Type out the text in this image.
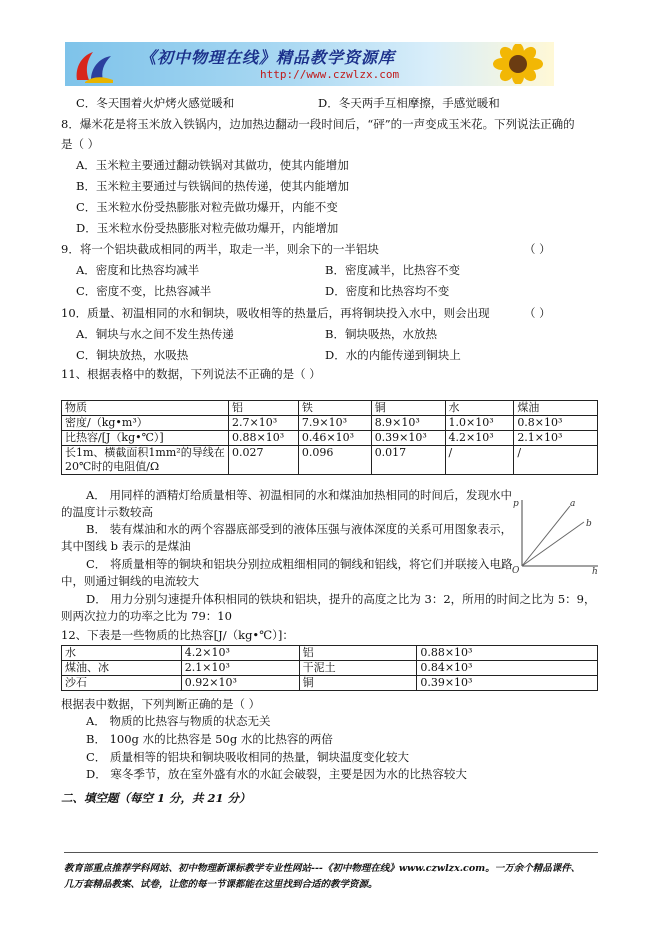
《初中物理在线》精品教学资源库
http://www.czwlzx.com
C．冬天围着火炉烤火感觉暖和	D．冬天两手互相摩擦，手感觉暖和
8．爆米花是将玉米放入铁锅内，边加热边翻动一段时间后，“砰”的一声变成玉米花。下列说法正确的
是（ ）
A．玉米粒主要通过翻动铁锅对其做功，使其内能增加
B．玉米粒主要通过与铁锅间的热传递，使其内能增加
C．玉米粒水份受热膨胀对粒壳做功爆开，内能不变
D．玉米粒水份受热膨胀对粒壳做功爆开，内能增加
9．将一个铝块截成相同的两半，取走一半，则余下的一半铝块	（ ）
A．密度和比热容均减半	B．密度减半，比热容不变
C．密度不变，比热容减半	D．密度和比热容均不变
10．质量、初温相同的水和铜块，吸收相等的热量后，再将铜块投入水中，则会出现	（ ）
A．铜块与水之间不发生热传递	B．铜块吸热，水放热
C．铜块放热，水吸热	D．水的内能传递到铜块上
11、根据表格中的数据，下列说法不正确的是（ ）
物质	铝	铁	铜	水	煤油
密度/（kg•m³）	2.7×10³	7.9×10³	8.9×10³	1.0×10³	0.8×10³
比热容/[J（kg•℃）]	0.88×10³	0.46×10³	0.39×10³	4.2×10³	2.1×10³

长1m、横截面积1mm²的导线在
20℃时的电阻值/Ω	0.027	0.096	0.017	/	/
A． 用同样的酒精灯给质量相等、初温相同的水和煤油加热相同的时间后，发现水中
的温度计示数较高
B． 装有煤油和水的两个容器底部受到的液体压强与液体深度的关系可用图象表示，
其中图线 b 表示的是煤油
C． 将质量相等的铜块和铝块分别拉成粗细相同的铜线和铝线，将它们并联接入电路
中，则通过铜线的电流较大
D． 用力分别匀速提升体积相同的铁块和铝块，提升的高度之比为 3：2，所用的时间之比为 5：9，
则两次拉力的功率之比为 79：10
p	a
b
O	h
12、下表是一些物质的比热容[J/（kg•℃）]：
水	4.2×10³	铝	0.88×10³
煤油、冰	2.1×10³	干泥土	0.84×10³
沙石	0.92×10³	铜	0.39×10³
根据表中数据，下列判断正确的是（ ）
A． 物质的比热容与物质的状态无关
B． 100g 水的比热容是 50g 水的比热容的两倍
C． 质量相等的铝块和铜块吸收相同的热量，铜块温度变化较大
D． 寒冬季节，放在室外盛有水的水缸会破裂，主要是因为水的比热容较大
二、填空题（每空 1 分，共 21 分）
教育部重点推荐学科网站、初中物理新课标教学专业性网站---《初中物理在线》www.czwlzx.com。一万余个精品课件、
几万套精品教案、试卷，让您的每一节课都能在这里找到合适的教学资源。
